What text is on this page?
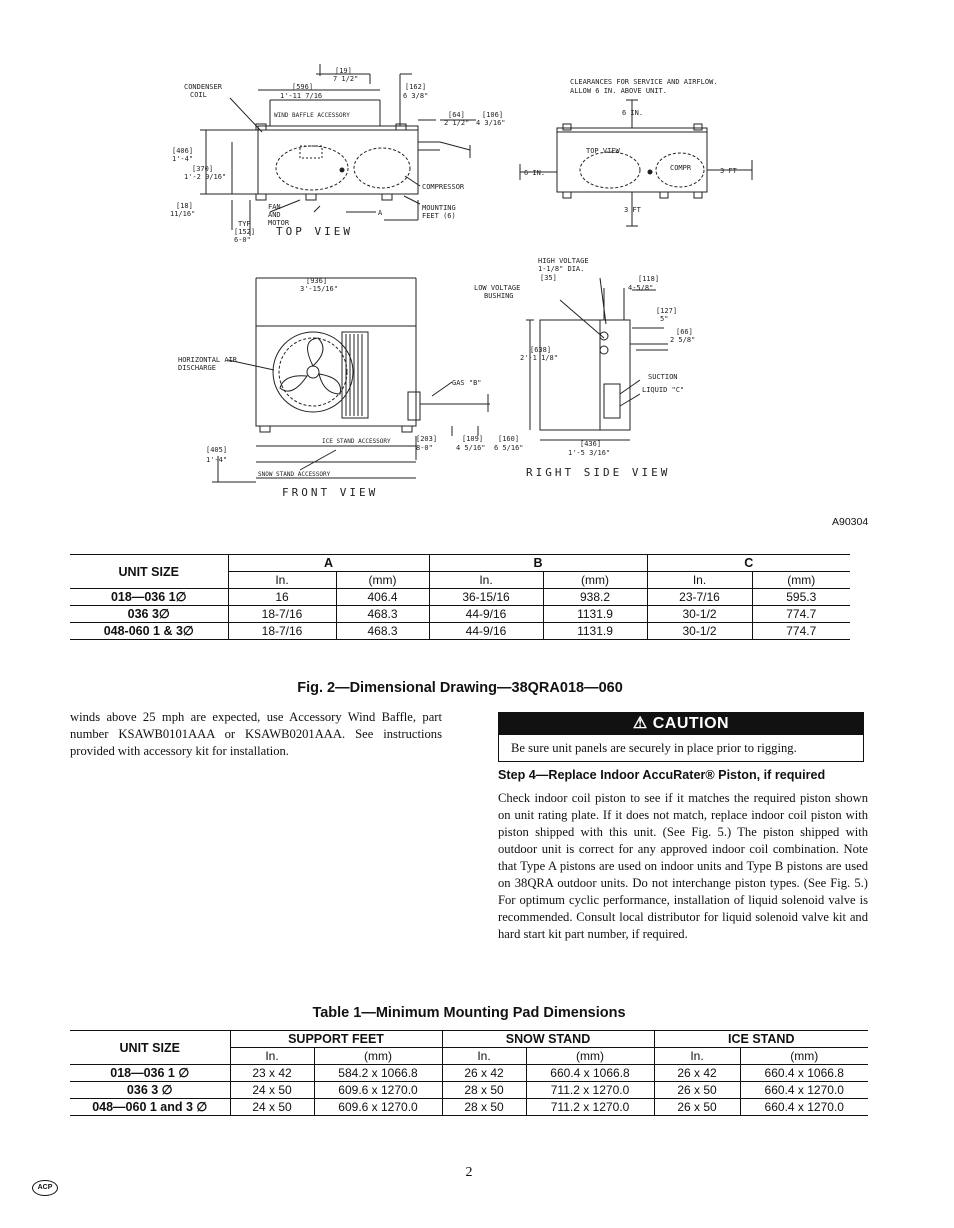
CONDENSER
COIL
[19]
7 1/2"
[596]
1'-11 7/16
[162]
6 3/8"
WIND BAFFLE ACCESSORY	[64]
2 1/2"
[106]
4 3/16"
[406]
1'-4"
[370]
1'-2 9/16"
[18]
11/16"
TYP
[152]
6-0"
FAN
AND
MOTOR
COMPRESSOR
MOUNTING
FEET (6)
A
TOP VIEW
CLEARANCES FOR SERVICE AND AIRFLOW.
ALLOW 6 IN. ABOVE UNIT.
6 IN.
6 IN.	3 FT
3 FT
TOP VIEW
COMPR
[936]
3'-15/16"
HORIZONTAL AIR
DISCHARGE
GAS "B"
ICE STAND ACCESSORY	[203]
8-0"
[405]
1'-4"
SNOW STAND ACCESSORY
FRONT VIEW
HIGH VOLTAGE
1-1/8" DIA.
[35]
LOW VOLTAGE
BUSHING
[118]
4-5/8"
[127]
5"
[66]
2 5/8"
[638]
2'-1 1/8"
SUCTION
LIQUID "C"
[109]
4 5/16"
[160]
6 5/16"	[436]
1'-5 3/16"
RIGHT SIDE VIEW
A90304
UNIT SIZE	A		B		C	
	In.	(mm)	In.	(mm)	In.	(mm)
018—036 1∅	16	406.4	36-15/16	938.2	23-7/16	595.3
036 3∅	18-7/16	468.3	44-9/16	1131.9	30-1/2	774.7
048-060 1 & 3∅	18-7/16	468.3	44-9/16	1131.9	30-1/2	774.7
Fig. 2—Dimensional Drawing—38QRA018—060

winds above 25 mph are expected, use Accessory Wind Baffle, part number KSAWB0101AAA or KSAWB0201AAA. See instructions provided with accessory kit for installation.

⚠ CAUTION
Be sure unit panels are securely in place prior to rigging.
Step 4—Replace Indoor AccuRater® Piston, if required

Check indoor coil piston to see if it matches the required piston shown on unit rating plate. If it does not match, replace indoor coil piston with piston shipped with this unit. (See Fig. 5.) The piston shipped with outdoor unit is correct for any approved indoor coil combination. Note that Type A pistons are used on indoor units and Type B pistons are used on 38QRA outdoor units. Do not interchange piston types. (See Fig. 5.) For optimum cyclic performance, installation of liquid solenoid valve is recommended. Consult local distributor for liquid solenoid valve kit and hard start kit part number, if required.

Table 1—Minimum Mounting Pad Dimensions
UNIT SIZE	SUPPORT FEET		SNOW STAND		ICE STAND	
	In.	(mm)	In.	(mm)	In.	(mm)
018—036 1 ∅	23 x 42	584.2 x 1066.8	26 x 42	660.4 x 1066.8	26 x 42	660.4 x 1066.8
036 3 ∅	24 x 50	609.6 x 1270.0	28 x 50	711.2 x 1270.0	26 x 50	660.4 x 1270.0
048—060 1 and 3 ∅	24 x 50	609.6 x 1270.0	28 x 50	711.2 x 1270.0	26 x 50	660.4 x 1270.0
2
ACP
